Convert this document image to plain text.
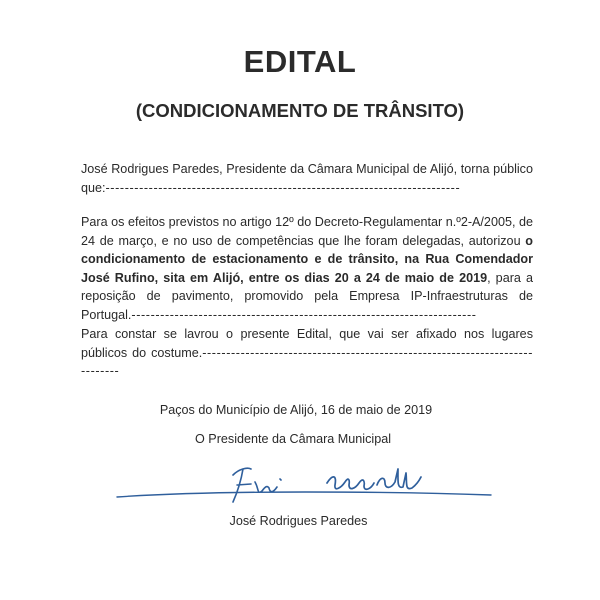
EDITAL
(CONDICIONAMENTO DE TRÂNSITO)
José Rodrigues Paredes, Presidente da Câmara Municipal de Alijó, torna público que:--------------------------------------------------------------------------
Para os efeitos previstos no artigo 12º do Decreto-Regulamentar n.º2-A/2005, de 24 de março, e no uso de competências que lhe foram delegadas, autorizou o condicionamento de estacionamento e de trânsito, na Rua Comendador José Rufino, sita em Alijó, entre os dias 20 a 24 de maio de 2019, para a reposição de pavimento, promovido pela Empresa IP-Infraestruturas de Portugal.------------------------------------------------------------------------
Para constar se lavrou o presente Edital, que vai ser afixado nos lugares públicos do costume.-----------------------------------------------------------------------------
Paços do Município de Alijó, 16 de maio de 2019
O Presidente da Câmara Municipal
José Rodrigues Paredes
